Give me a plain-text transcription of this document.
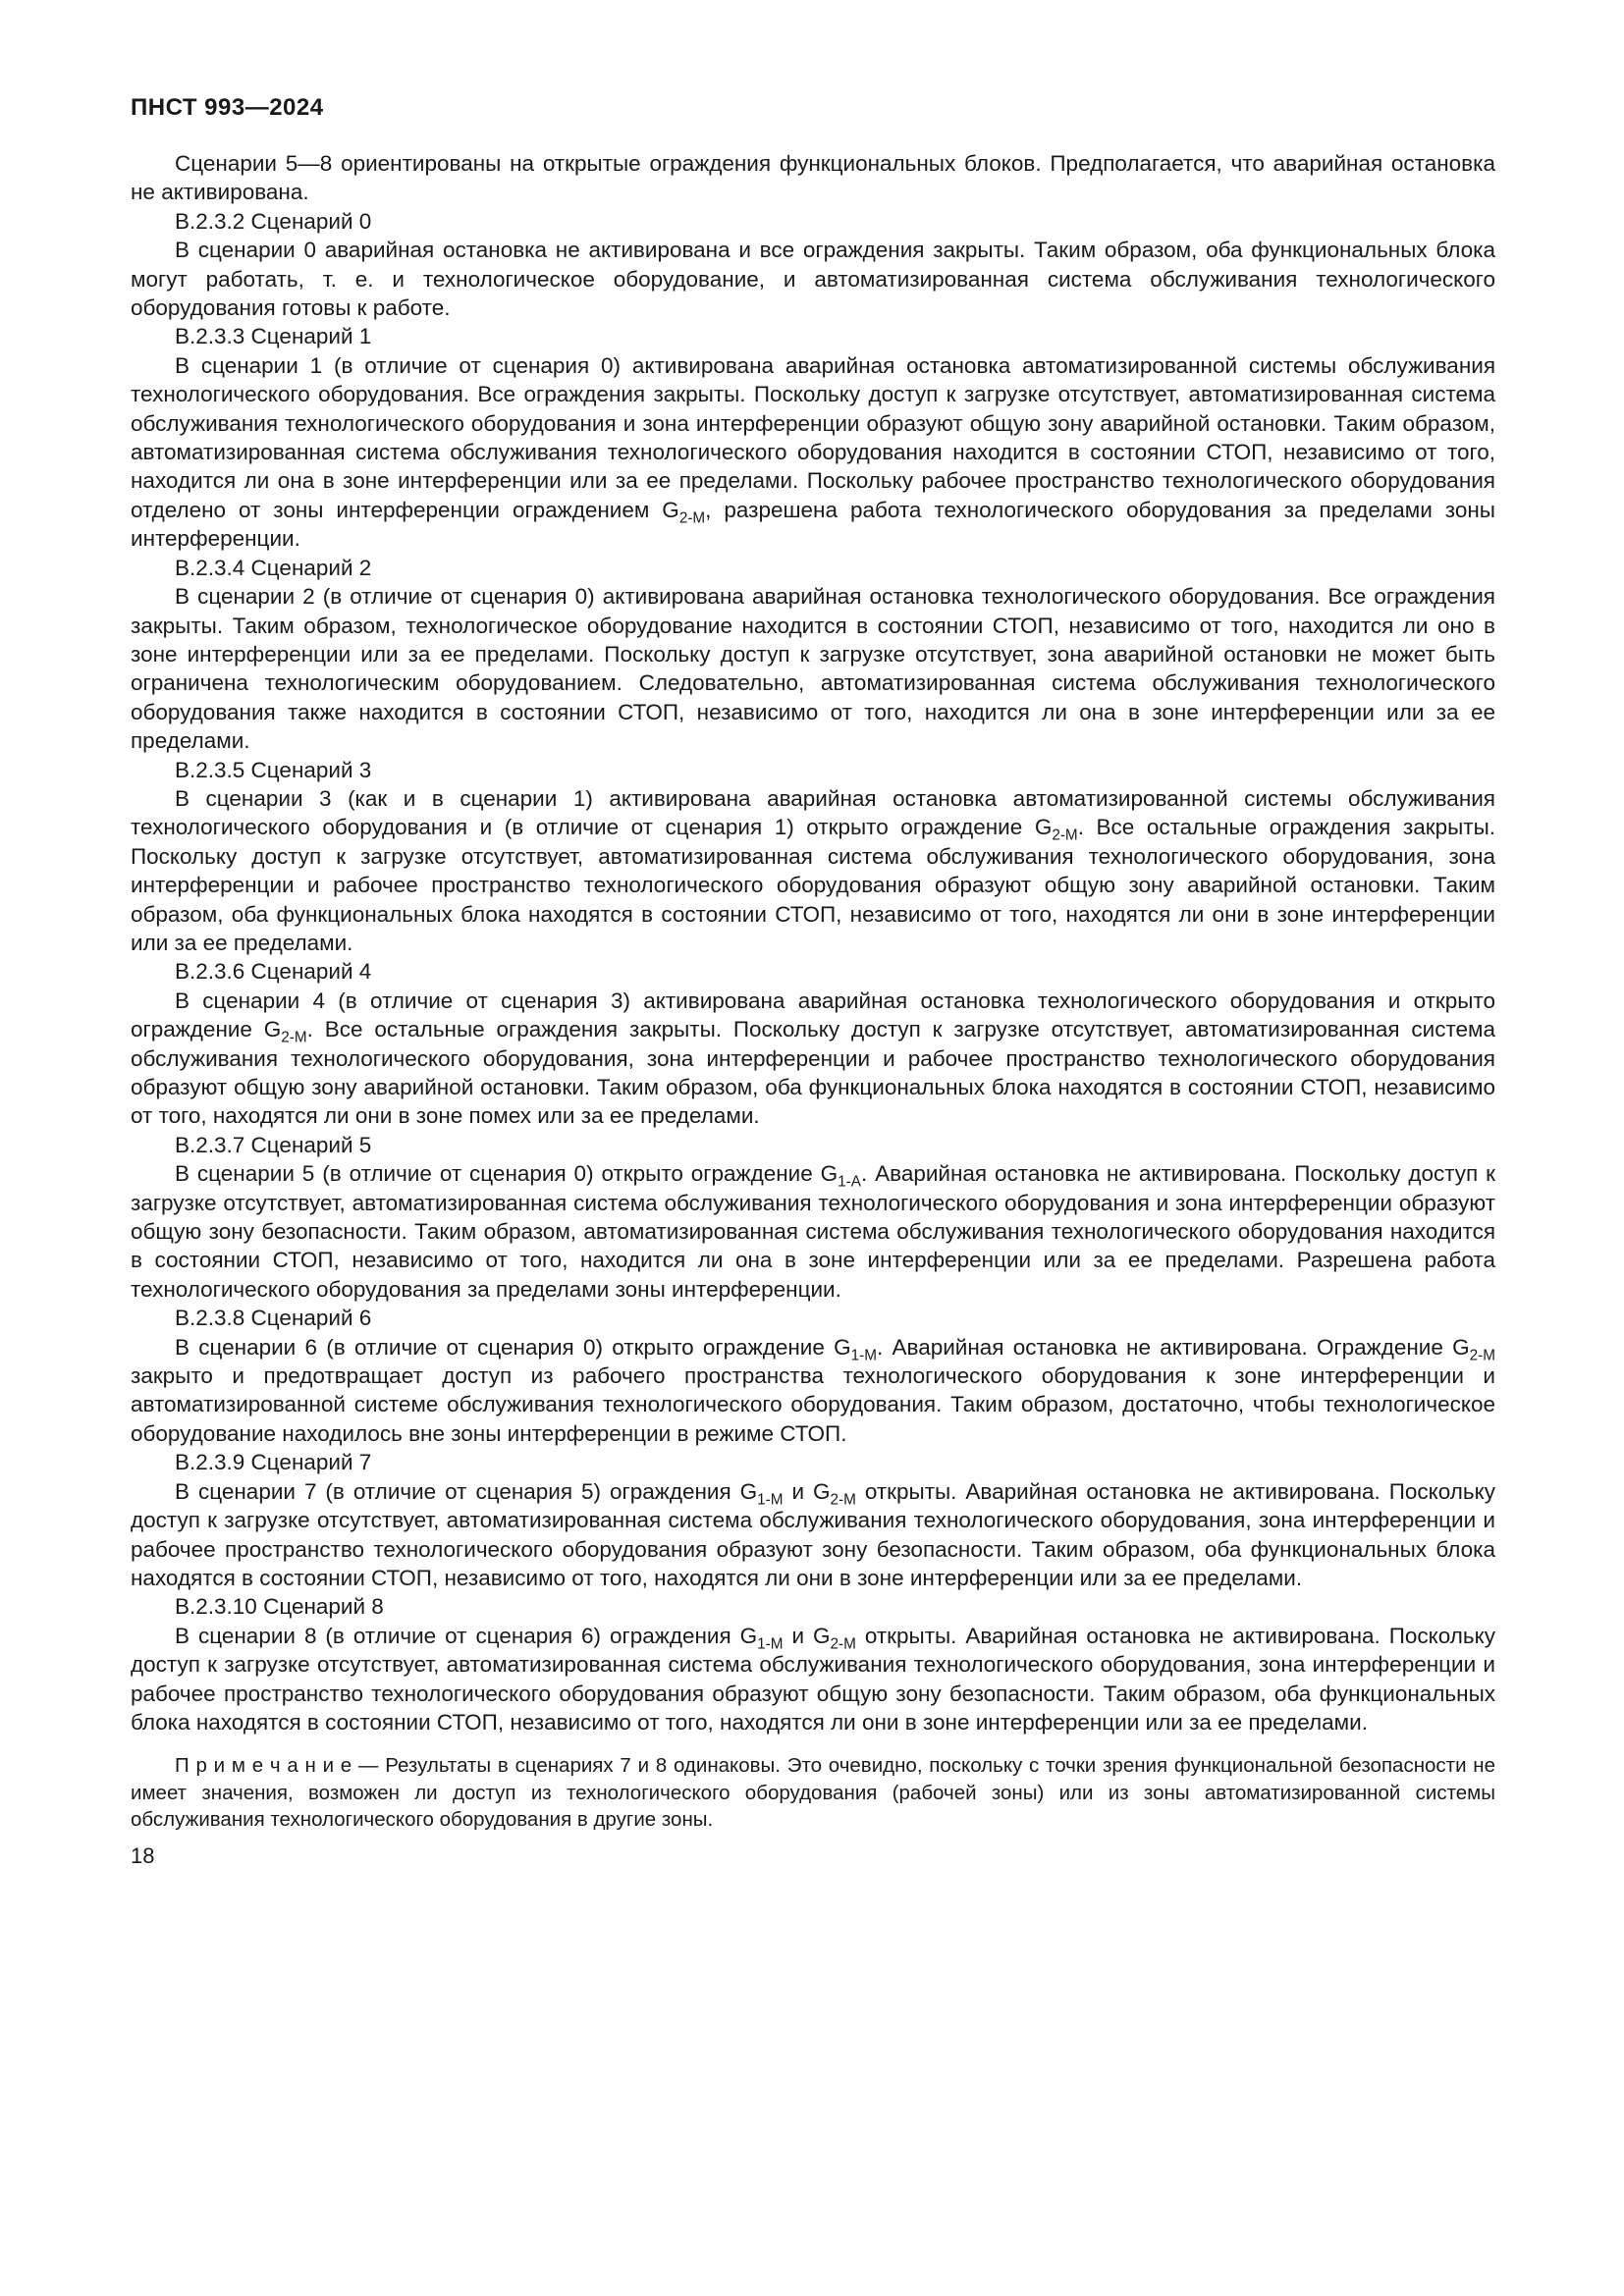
ПНСТ 993—2024

Сценарии 5—8 ориентированы на открытые ограждения функциональных блоков. Предполагается, что аварийная остановка не активирована.

В.2.3.2 Сценарий 0

В сценарии 0 аварийная остановка не активирована и все ограждения закрыты. Таким образом, оба функциональных блока могут работать, т. е. и технологическое оборудование, и автоматизированная система обслуживания технологического оборудования готовы к работе.

В.2.3.3 Сценарий 1

В сценарии 1 (в отличие от сценария 0) активирована аварийная остановка автоматизированной системы обслуживания технологического оборудования. Все ограждения закрыты. Поскольку доступ к загрузке отсутствует, автоматизированная система обслуживания технологического оборудования и зона интерференции образуют общую зону аварийной остановки. Таким образом, автоматизированная система обслуживания технологического оборудования находится в состоянии СТОП, независимо от того, находится ли она в зоне интерференции или за ее пределами. Поскольку рабочее пространство технологического оборудования отделено от зоны интерференции ограждением $G_{2-М}$, разрешена работа технологического оборудования за пределами зоны интерференции.

В.2.3.4 Сценарий 2

В сценарии 2 (в отличие от сценария 0) активирована аварийная остановка технологического оборудования. Все ограждения закрыты. Таким образом, технологическое оборудование находится в состоянии СТОП, независимо от того, находится ли оно в зоне интерференции или за ее пределами. Поскольку доступ к загрузке отсутствует, зона аварийной остановки не может быть ограничена технологическим оборудованием. Следовательно, автоматизированная система обслуживания технологического оборудования также находится в состоянии СТОП, независимо от того, находится ли она в зоне интерференции или за ее пределами.

В.2.3.5 Сценарий 3

В сценарии 3 (как и в сценарии 1) активирована аварийная остановка автоматизированной системы обслуживания технологического оборудования и (в отличие от сценария 1) открыто ограждение $G_{2-М}$. Все остальные ограждения закрыты. Поскольку доступ к загрузке отсутствует, автоматизированная система обслуживания технологического оборудования, зона интерференции и рабочее пространство технологического оборудования образуют общую зону аварийной остановки. Таким образом, оба функциональных блока находятся в состоянии СТОП, независимо от того, находятся ли они в зоне интерференции или за ее пределами.

В.2.3.6 Сценарий 4

В сценарии 4 (в отличие от сценария 3) активирована аварийная остановка технологического оборудования и открыто ограждение $G_{2-М}$. Все остальные ограждения закрыты. Поскольку доступ к загрузке отсутствует, автоматизированная система обслуживания технологического оборудования, зона интерференции и рабочее пространство технологического оборудования образуют общую зону аварийной остановки. Таким образом, оба функциональных блока находятся в состоянии СТОП, независимо от того, находятся ли они в зоне помех или за ее пределами.

В.2.3.7 Сценарий 5

В сценарии 5 (в отличие от сценария 0) открыто ограждение $G_{1-А}$. Аварийная остановка не активирована. Поскольку доступ к загрузке отсутствует, автоматизированная система обслуживания технологического оборудования и зона интерференции образуют общую зону безопасности. Таким образом, автоматизированная система обслуживания технологического оборудования находится в состоянии СТОП, независимо от того, находится ли она в зоне интерференции или за ее пределами. Разрешена работа технологического оборудования за пределами зоны интерференции.

В.2.3.8 Сценарий 6

В сценарии 6 (в отличие от сценария 0) открыто ограждение $G_{1-М}$. Аварийная остановка не активирована. Ограждение $G_{2-М}$ закрыто и предотвращает доступ из рабочего пространства технологического оборудования к зоне интерференции и автоматизированной системе обслуживания технологического оборудования. Таким образом, достаточно, чтобы технологическое оборудование находилось вне зоны интерференции в режиме СТОП.

В.2.3.9 Сценарий 7

В сценарии 7 (в отличие от сценария 5) ограждения $G_{1-М}$ и $G_{2-М}$ открыты. Аварийная остановка не активирована. Поскольку доступ к загрузке отсутствует, автоматизированная система обслуживания технологического оборудования, зона интерференции и рабочее пространство технологического оборудования образуют зону безопасности. Таким образом, оба функциональных блока находятся в состоянии СТОП, независимо от того, находятся ли они в зоне интерференции или за ее пределами.

В.2.3.10 Сценарий 8

В сценарии 8 (в отличие от сценария 6) ограждения $G_{1-М}$ и $G_{2-М}$ открыты. Аварийная остановка не активирована. Поскольку доступ к загрузке отсутствует, автоматизированная система обслуживания технологического оборудования, зона интерференции и рабочее пространство технологического оборудования образуют общую зону безопасности. Таким образом, оба функциональных блока находятся в состоянии СТОП, независимо от того, находятся ли они в зоне интерференции или за ее пределами.

П р и м е ч а н и е — Результаты в сценариях 7 и 8 одинаковы. Это очевидно, поскольку с точки зрения функциональной безопасности не имеет значения, возможен ли доступ из технологического оборудования (рабочей зоны) или из зоны автоматизированной системы обслуживания технологического оборудования в другие зоны.

18
